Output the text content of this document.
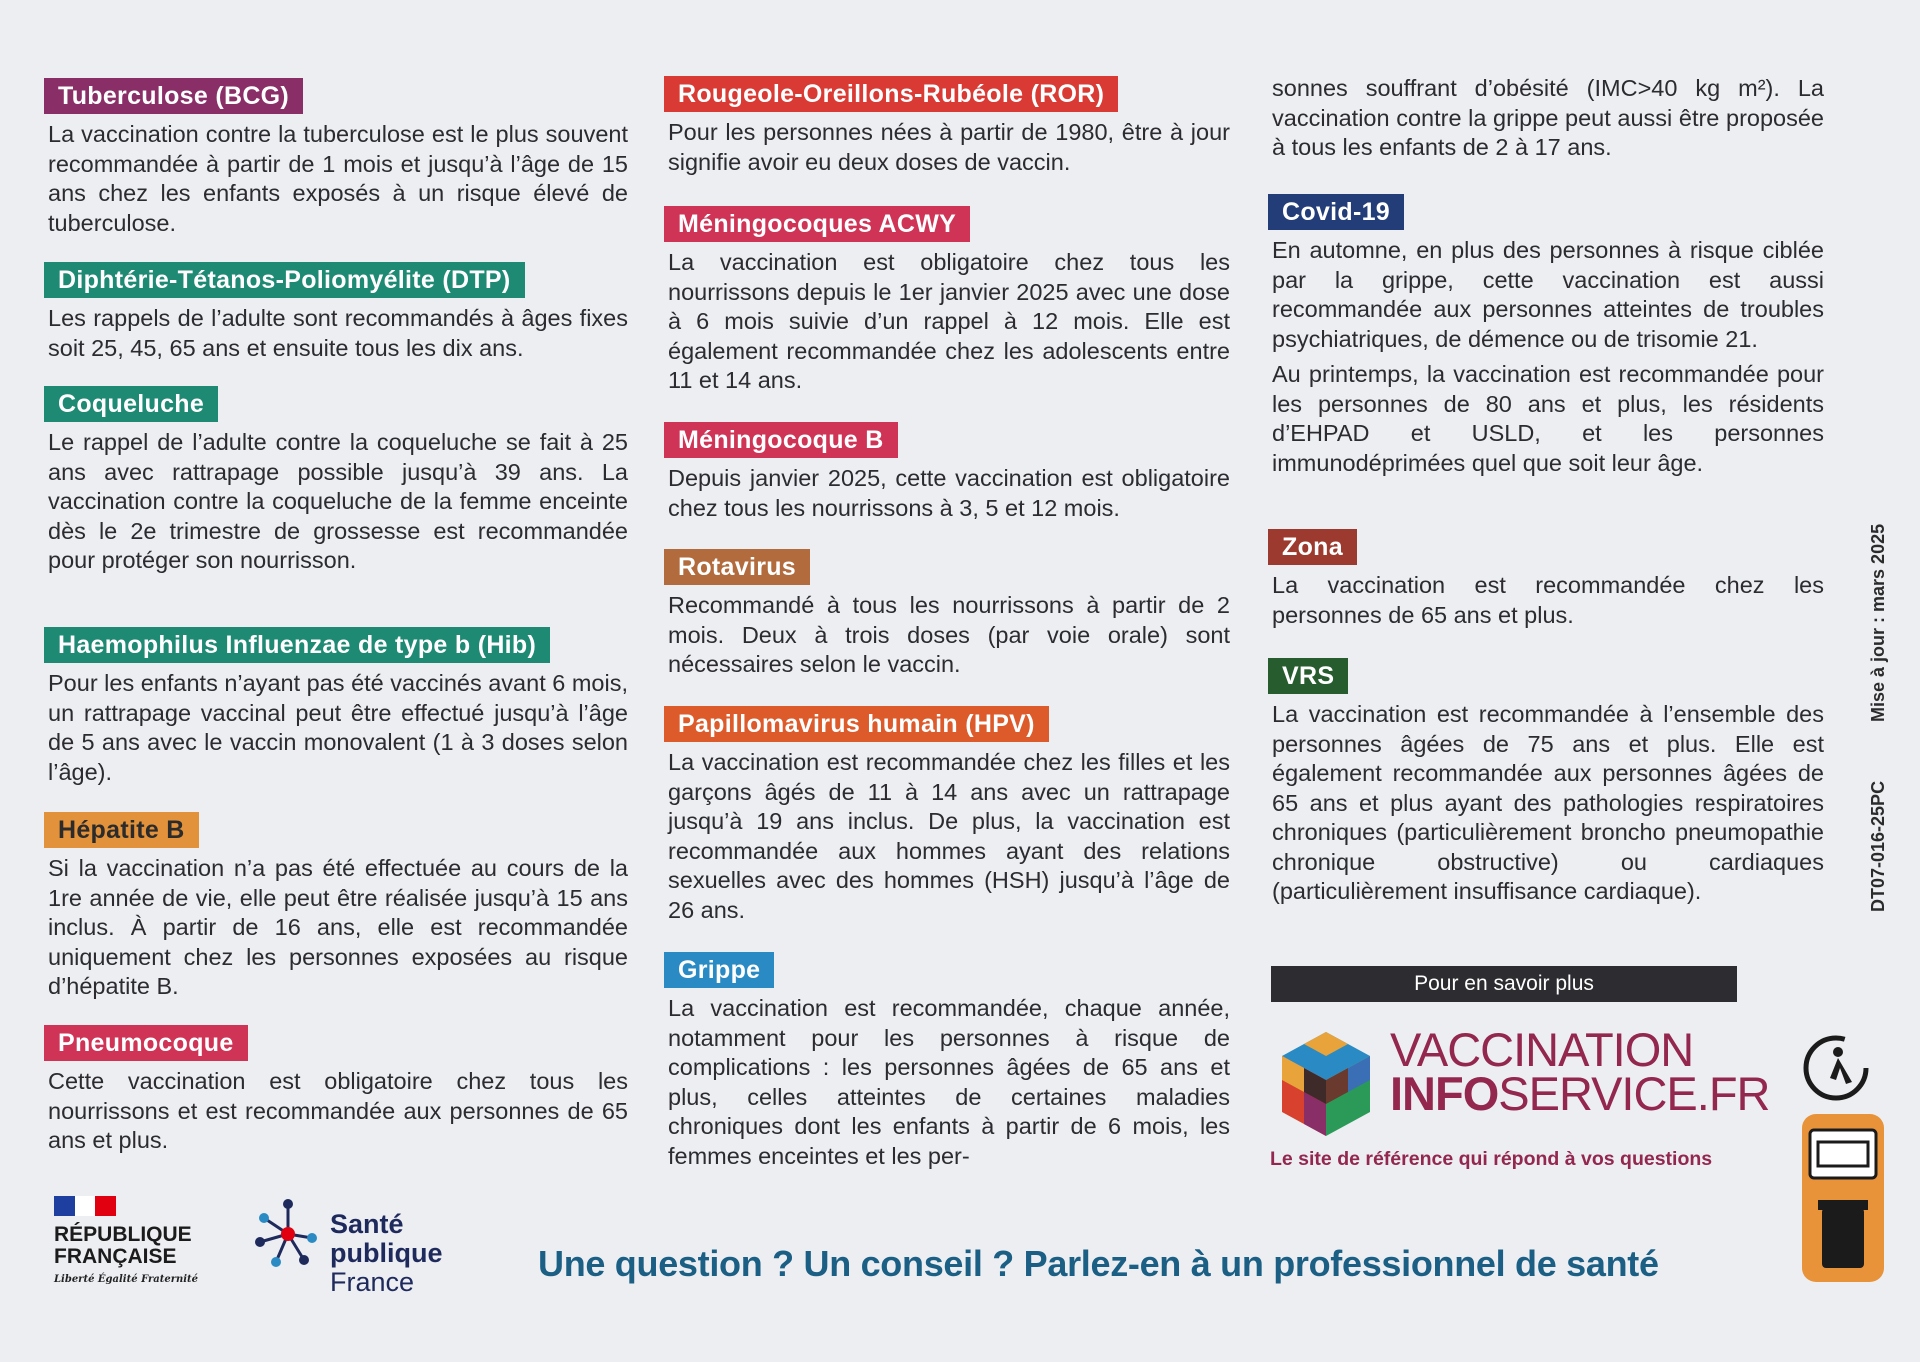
Tuberculose (BCG)

La vaccination contre la tuberculose est le plus souvent recommandée à partir de 1 mois et jusqu’à l’âge de 15 ans chez les enfants exposés à un risque élevé de tuberculose.

Diphtérie-Tétanos-Poliomyélite (DTP)

Les rappels de l’adulte sont recommandés à âges fixes soit 25, 45, 65 ans et ensuite tous les dix ans.

Coqueluche

Le rappel de l’adulte contre la coqueluche se fait à 25 ans avec rattrapage possible jusqu’à 39 ans. La vaccination contre la coqueluche de la femme enceinte dès le 2e trimestre de grossesse est recommandée pour protéger son nourrisson.

Haemophilus Influenzae de type b (Hib)

Pour les enfants n’ayant pas été vaccinés avant 6 mois, un rattrapage vaccinal peut être effectué jusqu’à l’âge de 5 ans avec le vaccin monovalent (1 à 3 doses selon l’âge).

Hépatite B

Si la vaccination n’a pas été effectuée au cours de la 1re année de vie, elle peut être réalisée jusqu’à 15 ans inclus. À partir de 16 ans, elle est recommandée uniquement chez les personnes exposées au risque d’hépatite B.

Pneumocoque

Cette vaccination est obligatoire chez tous les nourrissons et est recommandée aux personnes de 65 ans et plus.

Rougeole-Oreillons-Rubéole (ROR)

Pour les personnes nées à partir de 1980, être à jour signifie avoir eu deux doses de vaccin.

Méningocoques ACWY

La vaccination est obligatoire chez tous les nourrissons depuis le 1er janvier 2025 avec une dose à 6 mois suivie d’un rappel à 12 mois. Elle est également recommandée chez les adolescents entre 11 et 14 ans.

Méningocoque B

Depuis janvier 2025, cette vaccination est obligatoire chez tous les nourrissons à 3, 5 et 12 mois.

Rotavirus

Recommandé à tous les nourrissons à partir de 2 mois. Deux à trois doses (par voie orale) sont nécessaires selon le vaccin.

Papillomavirus humain (HPV)

La vaccination est recommandée chez les filles et les garçons âgés de 11 à 14 ans avec un rattrapage jusqu’à 19 ans inclus. De plus, la vaccination est recommandée aux hommes ayant des relations sexuelles avec des hommes (HSH) jusqu’à l’âge de 26 ans.

Grippe

La vaccination est recommandée, chaque année, notamment pour les personnes à risque de complications : les personnes âgées de 65 ans et plus, celles atteintes de certaines maladies chroniques dont les enfants à partir de 6 mois, les femmes enceintes et les per-

sonnes souffrant d’obésité (IMC>40 kg m²). La vaccination contre la grippe peut aussi être proposée à tous les enfants de 2 à 17 ans.

Covid-19

En automne, en plus des personnes à risque ciblée par la grippe, cette vaccination est aussi recommandée aux personnes atteintes de troubles psychiatriques, de démence ou de trisomie 21.

Au printemps, la vaccination est recommandée pour les personnes de 80 ans et plus, les résidents d’EHPAD et USLD, et les personnes immunodéprimées quel que soit leur âge.

Zona

La vaccination est recommandée chez les personnes de 65 ans et plus.

VRS

La vaccination est recommandée à l’ensemble des personnes âgées de 75 ans et plus. Elle est également recommandée aux personnes âgées de 65 ans et plus ayant des pathologies respiratoires chroniques (particulièrement broncho pneumopathie chronique obstructive) ou cardiaques (particulièrement insuffisance cardiaque).

Pour en savoir plus
VACCINATION
INFOSERVICE.FR
Le site de référence qui répond à vos questions
RÉPUBLIQUE FRANÇAISE
Liberté Égalité Fraternité
Santé
publique
France	Une question ? Un conseil ? Parlez-en à un professionnel de santé
Mise à jour : mars 2025
DT07-016-25PC
